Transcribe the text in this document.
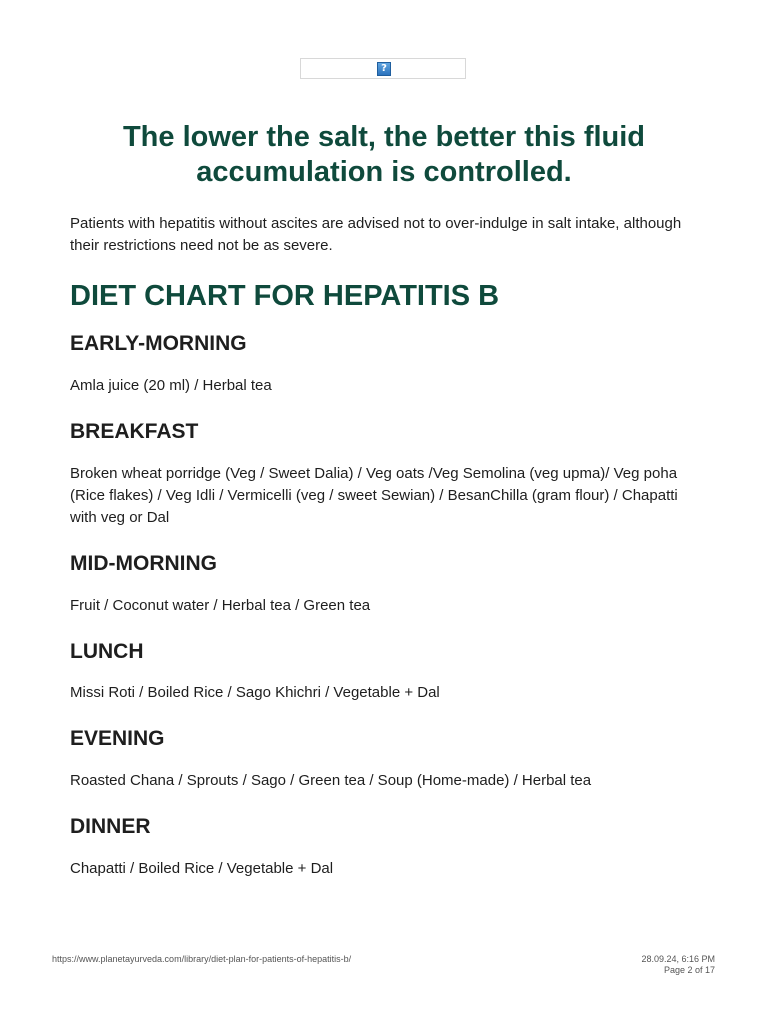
?
The lower the salt, the better this fluid accumulation is controlled.

Patients with hepatitis without ascites are advised not to over-indulge in salt intake, although their restrictions need not be as severe.

DIET CHART FOR HEPATITIS B
EARLY-MORNING

Amla juice (20 ml) / Herbal tea

BREAKFAST

Broken wheat porridge (Veg / Sweet Dalia) / Veg oats /Veg Semolina (veg upma)/ Veg poha (Rice flakes) / Veg Idli / Vermicelli (veg / sweet Sewian) / BesanChilla (gram flour) / Chapatti with veg or Dal

MID-MORNING

Fruit / Coconut water / Herbal tea / Green tea

LUNCH

Missi Roti / Boiled Rice / Sago Khichri / Vegetable + Dal

EVENING

Roasted Chana / Sprouts / Sago / Green tea / Soup (Home-made) / Herbal tea

DINNER

Chapatti / Boiled Rice / Vegetable + Dal

https://www.planetayurveda.com/library/diet-plan-for-patients-of-hepatitis-b/	28.09.24, 6:16 PM
Page 2 of 17
